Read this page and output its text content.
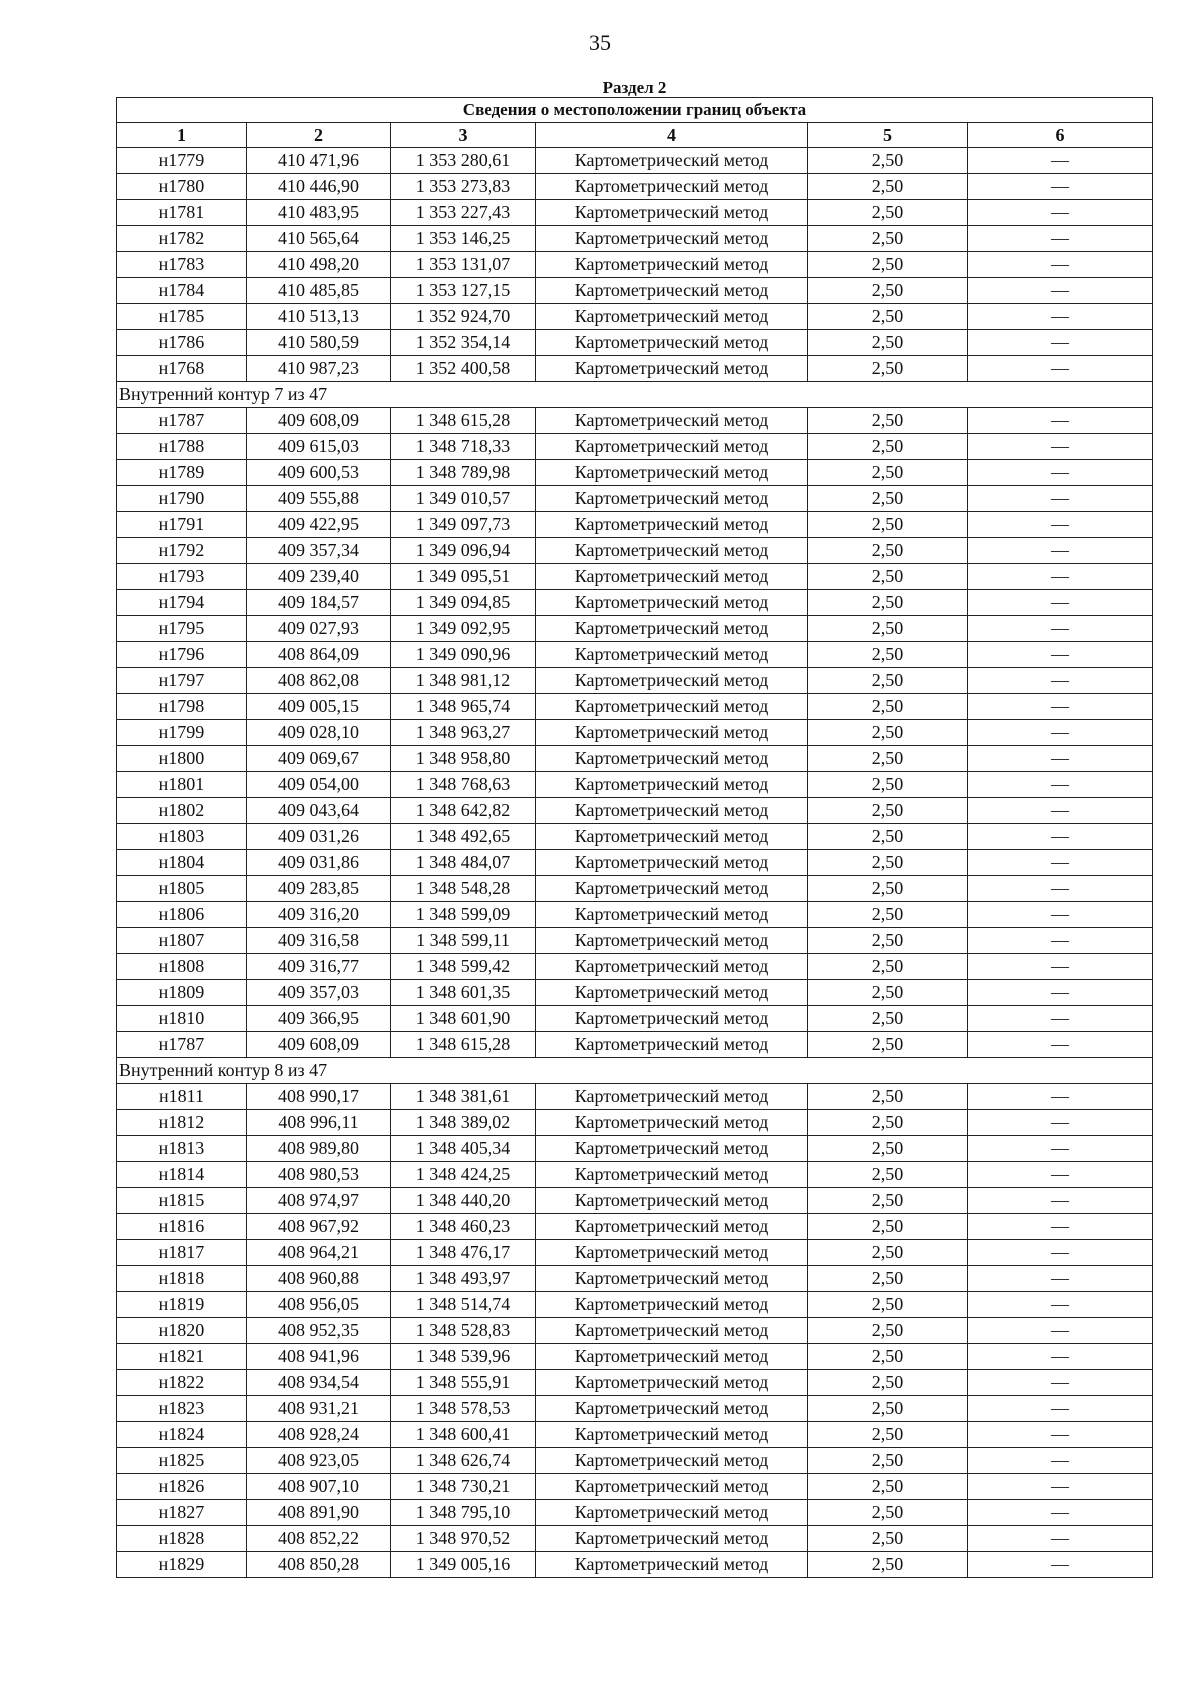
35
Раздел 2					
Сведения о местоположении границ объекта					
1	2	3	4	5	6
н1779	410 471,96	1 353 280,61	Картометрический метод	2,50	—
н1780	410 446,90	1 353 273,83	Картометрический метод	2,50	—
н1781	410 483,95	1 353 227,43	Картометрический метод	2,50	—
н1782	410 565,64	1 353 146,25	Картометрический метод	2,50	—
н1783	410 498,20	1 353 131,07	Картометрический метод	2,50	—
н1784	410 485,85	1 353 127,15	Картометрический метод	2,50	—
н1785	410 513,13	1 352 924,70	Картометрический метод	2,50	—
н1786	410 580,59	1 352 354,14	Картометрический метод	2,50	—
н1768	410 987,23	1 352 400,58	Картометрический метод	2,50	—
Внутренний контур 7 из 47					
н1787	409 608,09	1 348 615,28	Картометрический метод	2,50	—
н1788	409 615,03	1 348 718,33	Картометрический метод	2,50	—
н1789	409 600,53	1 348 789,98	Картометрический метод	2,50	—
н1790	409 555,88	1 349 010,57	Картометрический метод	2,50	—
н1791	409 422,95	1 349 097,73	Картометрический метод	2,50	—
н1792	409 357,34	1 349 096,94	Картометрический метод	2,50	—
н1793	409 239,40	1 349 095,51	Картометрический метод	2,50	—
н1794	409 184,57	1 349 094,85	Картометрический метод	2,50	—
н1795	409 027,93	1 349 092,95	Картометрический метод	2,50	—
н1796	408 864,09	1 349 090,96	Картометрический метод	2,50	—
н1797	408 862,08	1 348 981,12	Картометрический метод	2,50	—
н1798	409 005,15	1 348 965,74	Картометрический метод	2,50	—
н1799	409 028,10	1 348 963,27	Картометрический метод	2,50	—
н1800	409 069,67	1 348 958,80	Картометрический метод	2,50	—
н1801	409 054,00	1 348 768,63	Картометрический метод	2,50	—
н1802	409 043,64	1 348 642,82	Картометрический метод	2,50	—
н1803	409 031,26	1 348 492,65	Картометрический метод	2,50	—
н1804	409 031,86	1 348 484,07	Картометрический метод	2,50	—
н1805	409 283,85	1 348 548,28	Картометрический метод	2,50	—
н1806	409 316,20	1 348 599,09	Картометрический метод	2,50	—
н1807	409 316,58	1 348 599,11	Картометрический метод	2,50	—
н1808	409 316,77	1 348 599,42	Картометрический метод	2,50	—
н1809	409 357,03	1 348 601,35	Картометрический метод	2,50	—
н1810	409 366,95	1 348 601,90	Картометрический метод	2,50	—
н1787	409 608,09	1 348 615,28	Картометрический метод	2,50	—
Внутренний контур 8 из 47					
н1811	408 990,17	1 348 381,61	Картометрический метод	2,50	—
н1812	408 996,11	1 348 389,02	Картометрический метод	2,50	—
н1813	408 989,80	1 348 405,34	Картометрический метод	2,50	—
н1814	408 980,53	1 348 424,25	Картометрический метод	2,50	—
н1815	408 974,97	1 348 440,20	Картометрический метод	2,50	—
н1816	408 967,92	1 348 460,23	Картометрический метод	2,50	—
н1817	408 964,21	1 348 476,17	Картометрический метод	2,50	—
н1818	408 960,88	1 348 493,97	Картометрический метод	2,50	—
н1819	408 956,05	1 348 514,74	Картометрический метод	2,50	—
н1820	408 952,35	1 348 528,83	Картометрический метод	2,50	—
н1821	408 941,96	1 348 539,96	Картометрический метод	2,50	—
н1822	408 934,54	1 348 555,91	Картометрический метод	2,50	—
н1823	408 931,21	1 348 578,53	Картометрический метод	2,50	—
н1824	408 928,24	1 348 600,41	Картометрический метод	2,50	—
н1825	408 923,05	1 348 626,74	Картометрический метод	2,50	—
н1826	408 907,10	1 348 730,21	Картометрический метод	2,50	—
н1827	408 891,90	1 348 795,10	Картометрический метод	2,50	—
н1828	408 852,22	1 348 970,52	Картометрический метод	2,50	—
н1829	408 850,28	1 349 005,16	Картометрический метод	2,50	—
